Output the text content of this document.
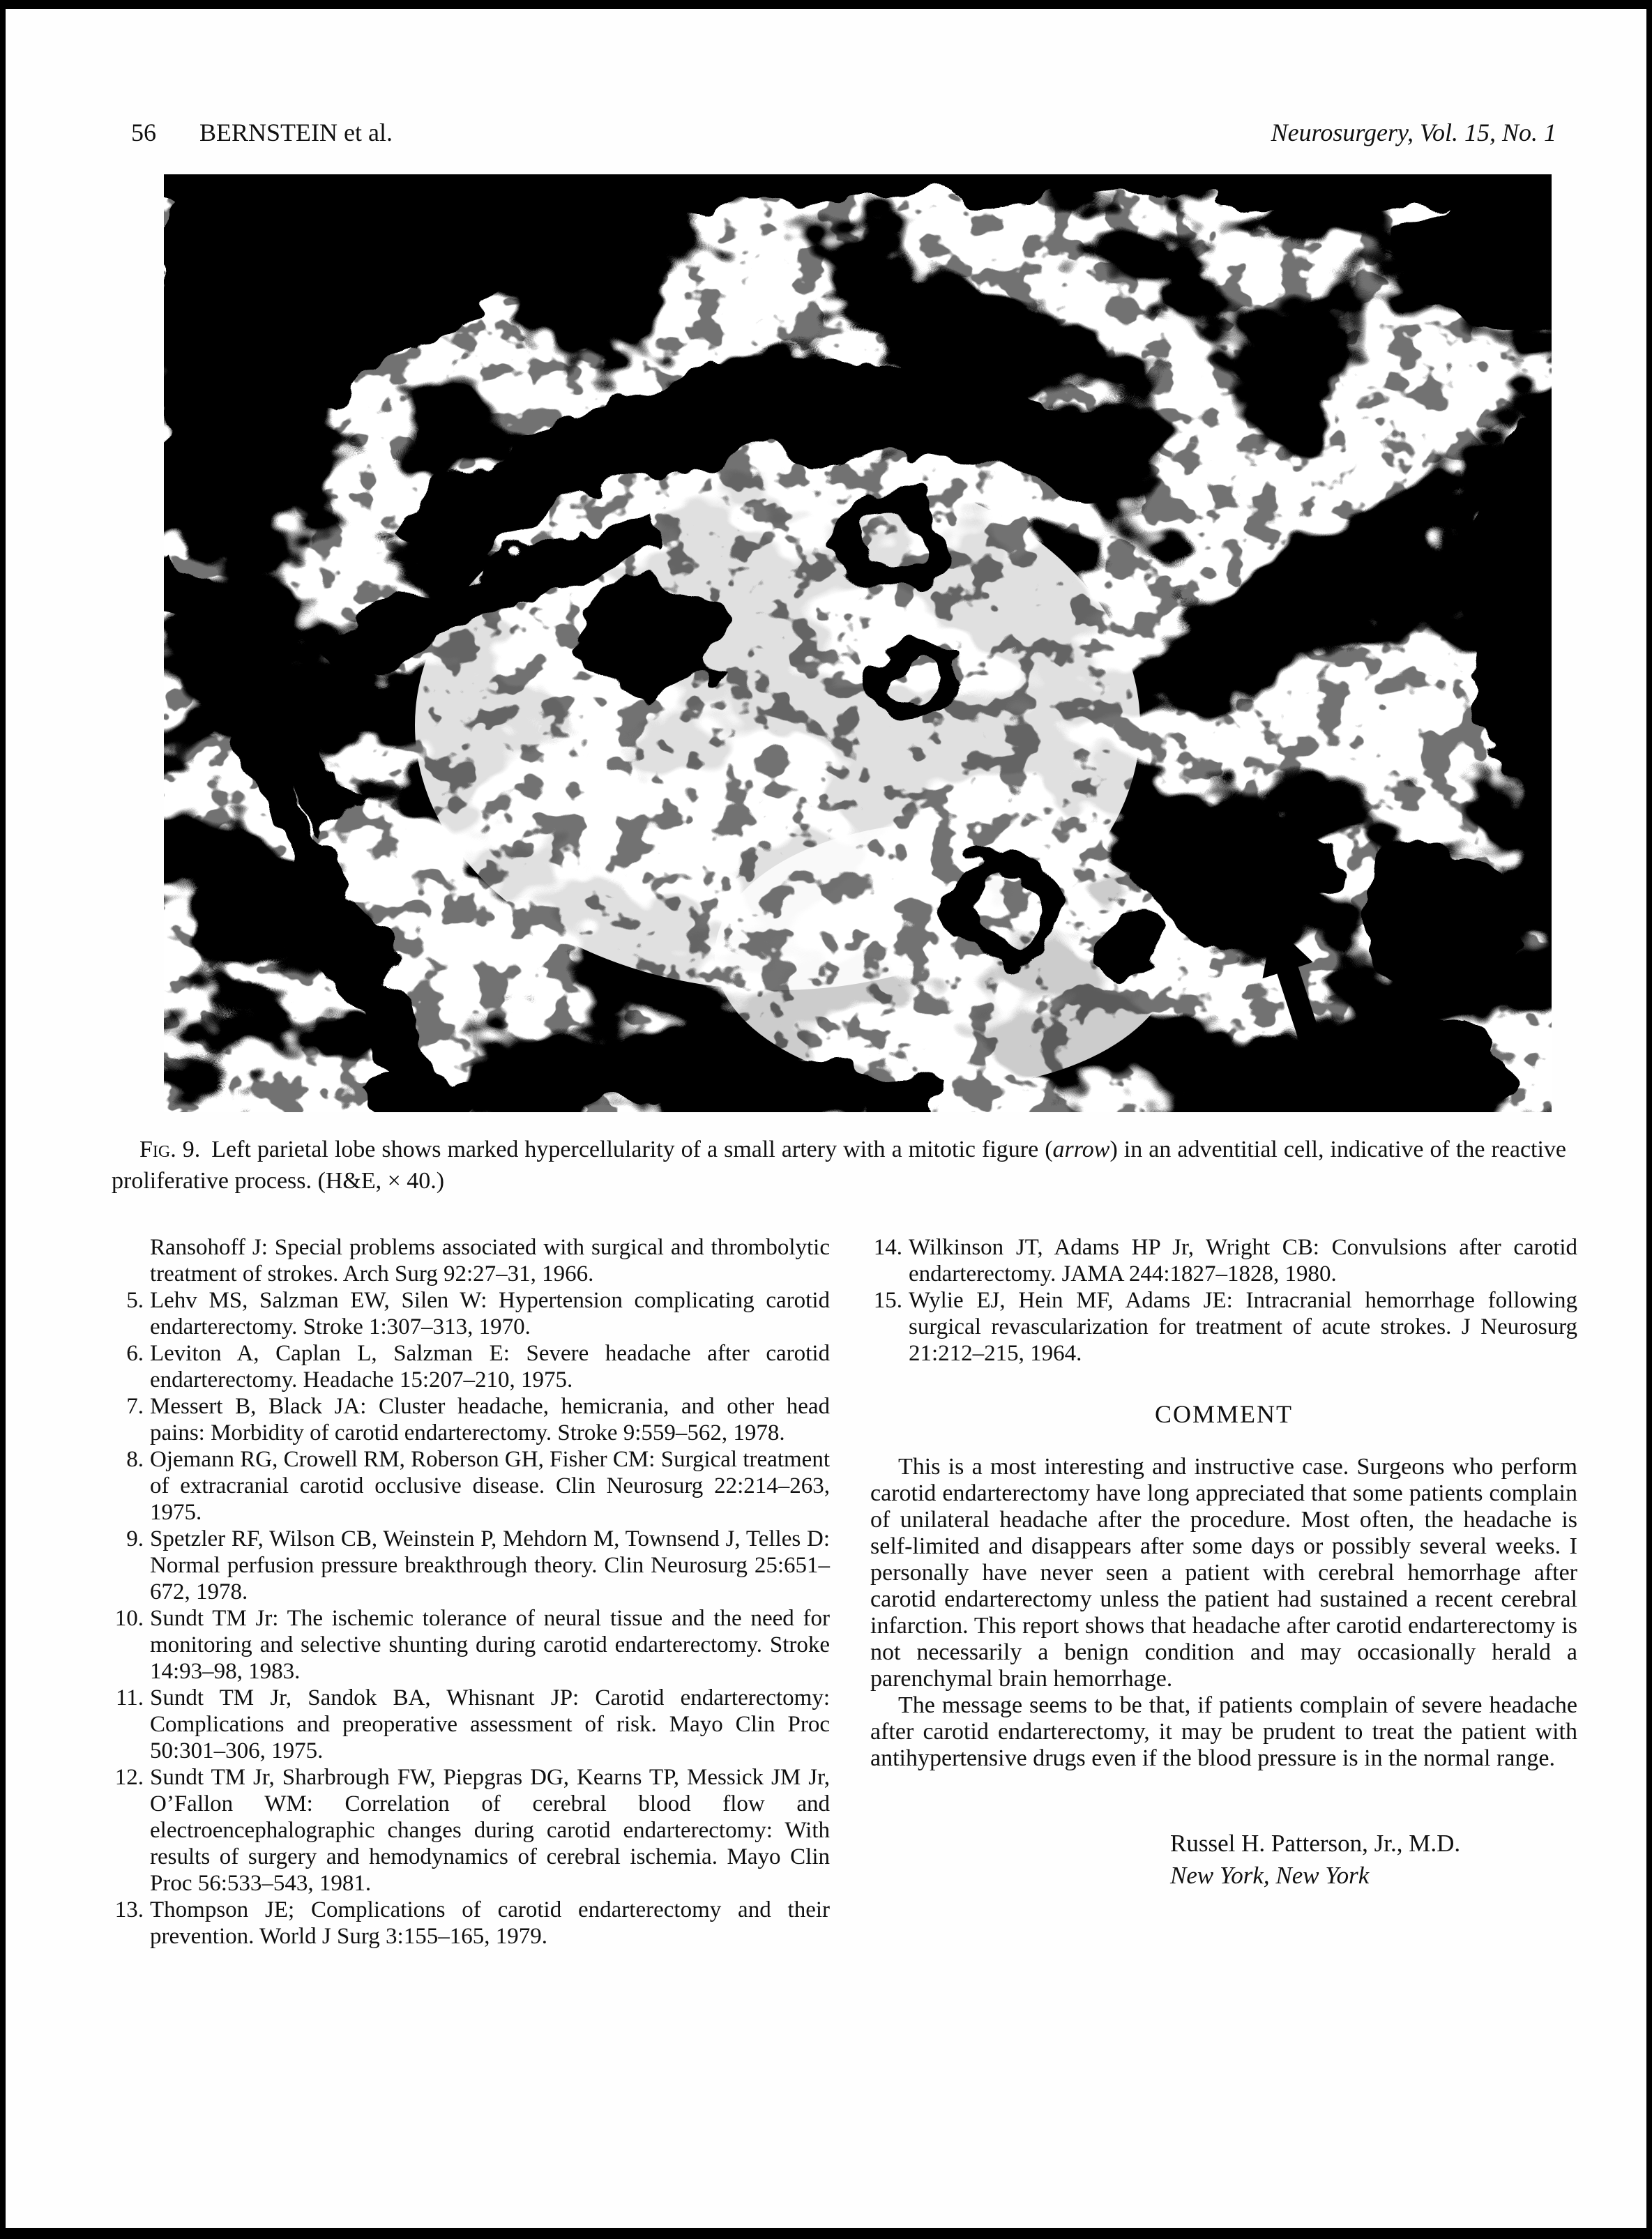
56 BERNSTEIN et al.	Neurosurgery, Vol. 15, No. 1
Fig. 9. Left parietal lobe shows marked hypercellularity of a small artery with a mitotic figure (arrow) in an adventitial cell, indicative of the reactive proliferative process. (H&E, × 40.)
Ransohoff J: Special problems associated with surgical and thrombolytic treatment of strokes. Arch Surg 92:27–31, 1966.
5. Lehv MS, Salzman EW, Silen W: Hypertension complicating carotid endarterectomy. Stroke 1:307–313, 1970.
6. Leviton A, Caplan L, Salzman E: Severe headache after carotid endarterectomy. Headache 15:207–210, 1975.
7. Messert B, Black JA: Cluster headache, hemicrania, and other head pains: Morbidity of carotid endarterectomy. Stroke 9:559–562, 1978.
8. Ojemann RG, Crowell RM, Roberson GH, Fisher CM: Surgical treatment of extracranial carotid occlusive disease. Clin Neurosurg 22:214–263, 1975.
9. Spetzler RF, Wilson CB, Weinstein P, Mehdorn M, Townsend J, Telles D: Normal perfusion pressure breakthrough theory. Clin Neurosurg 25:651–672, 1978.
10. Sundt TM Jr: The ischemic tolerance of neural tissue and the need for monitoring and selective shunting during carotid endarterectomy. Stroke 14:93–98, 1983.
11. Sundt TM Jr, Sandok BA, Whisnant JP: Carotid endarterectomy: Complications and preoperative assessment of risk. Mayo Clin Proc 50:301–306, 1975.
12. Sundt TM Jr, Sharbrough FW, Piepgras DG, Kearns TP, Messick JM Jr, O’Fallon WM: Correlation of cerebral blood flow and electroencephalographic changes during carotid endarterectomy: With results of surgery and hemodynamics of cerebral ischemia. Mayo Clin Proc 56:533–543, 1981.
13. Thompson JE; Complications of carotid endarterectomy and their prevention. World J Surg 3:155–165, 1979.
14. Wilkinson JT, Adams HP Jr, Wright CB: Convulsions after carotid endarterectomy. JAMA 244:1827–1828, 1980.
15. Wylie EJ, Hein MF, Adams JE: Intracranial hemorrhage following surgical revascularization for treatment of acute strokes. J Neurosurg 21:212–215, 1964.
COMMENT

This is a most interesting and instructive case. Surgeons who perform carotid endarterectomy have long appreciated that some patients complain of unilateral headache after the procedure. Most often, the headache is self-limited and disappears after some days or possibly several weeks. I personally have never seen a patient with cerebral hemorrhage after carotid endarterectomy unless the patient had sustained a recent cerebral infarction. This report shows that headache after carotid endarterectomy is not necessarily a benign condition and may occasionally herald a parenchymal brain hemorrhage.

The message seems to be that, if patients complain of severe headache after carotid endarterectomy, it may be prudent to treat the patient with antihypertensive drugs even if the blood pressure is in the normal range.

Russel H. Patterson, Jr., M.D.
New York, New York
